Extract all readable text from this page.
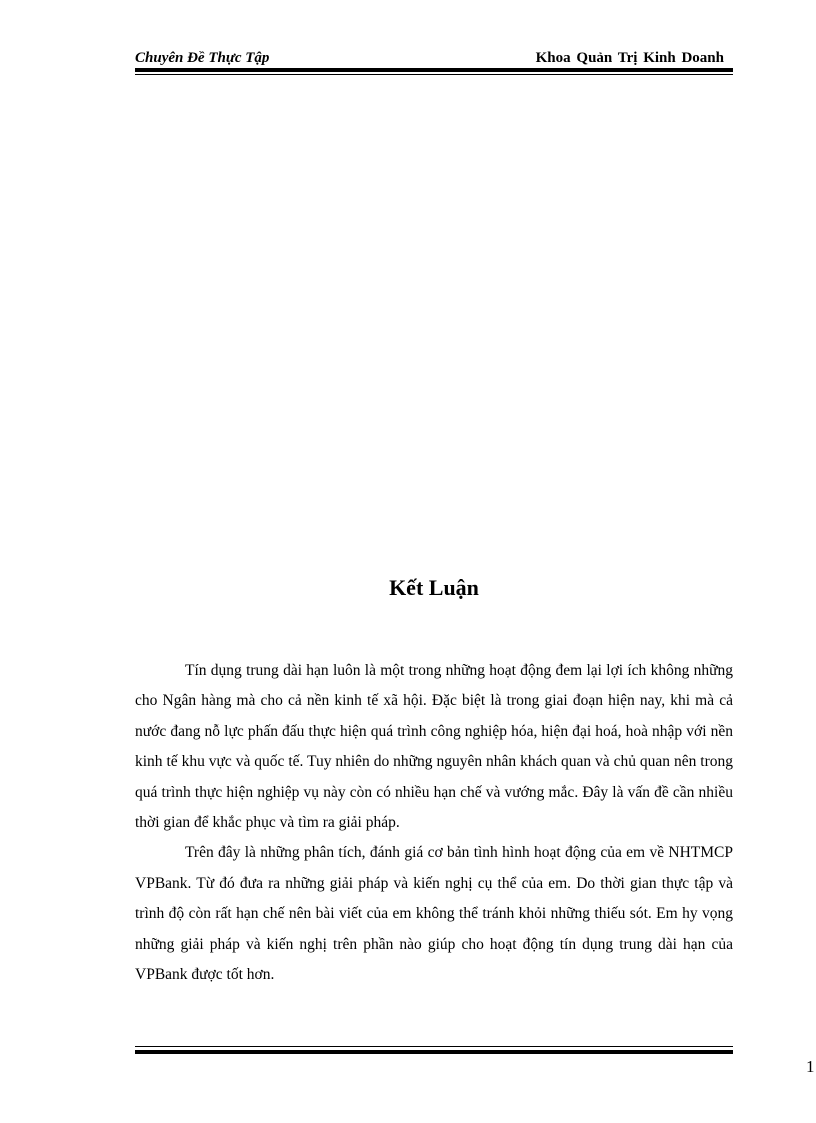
Chuyên Đề Thực Tập	Khoa Quản Trị Kinh Doanh
Kết Luận

Tín dụng trung dài hạn luôn là một trong những hoạt động đem lại lợi ích không những cho Ngân hàng mà cho cả nền kinh tế xã hội. Đặc biệt là trong giai đoạn hiện nay, khi mà cả nước đang nỗ lực phấn đấu thực hiện quá trình công nghiệp hóa, hiện đại hoá, hoà nhập với nền kinh tế khu vực và quốc tế. Tuy nhiên do những nguyên nhân khách quan và chủ quan nên trong quá trình thực hiện nghiệp vụ này còn có nhiều hạn chế và vướng mắc. Đây là vấn đề cần nhiều thời gian để khắc phục và tìm ra giải pháp.

Trên đây là những phân tích, đánh giá cơ bản tình hình hoạt động của em về NHTMCP VPBank. Từ đó đưa ra những giải pháp và kiến nghị cụ thể của em. Do thời gian thực tập và trình độ còn rất hạn chế nên bài viết của em không thể tránh khỏi những thiếu sót. Em hy vọng những giải pháp và kiến nghị trên phần nào giúp cho hoạt động tín dụng trung dài hạn của VPBank được tốt hơn.

1
